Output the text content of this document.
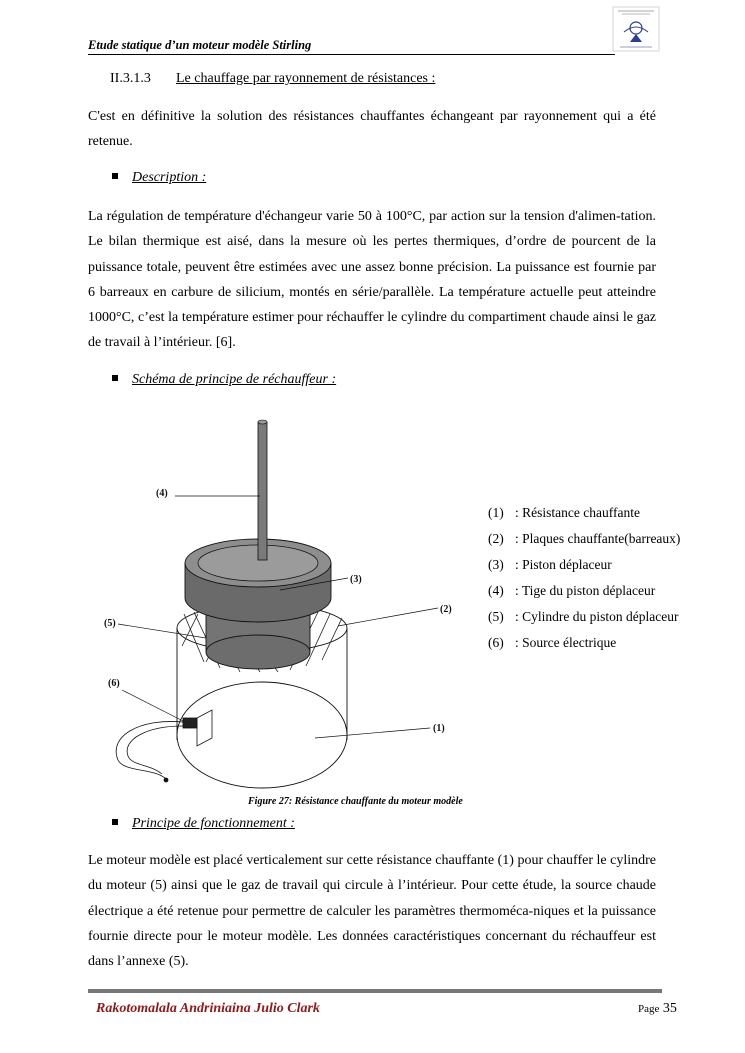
Etude statique d’un moteur modèle Stirling
II.3.1.3 Le chauffage par rayonnement de résistances :
C'est en définitive la solution des résistances chauffantes échangeant par rayonnement qui a été retenue.
Description :
La régulation de température d'échangeur varie 50 à 100°C, par action sur la tension d'alimen-tation. Le bilan thermique est aisé, dans la mesure où les pertes thermiques, d’ordre de pourcent de la puissance totale, peuvent être estimées avec une assez bonne précision. La puissance est fournie par 6 barreaux en carbure de silicium, montés en série/parallèle. La température actuelle peut atteindre 1000°C, c’est la température estimer pour réchauffer le cylindre du compartiment chaude ainsi le gaz de travail à l’intérieur. [6].
Schéma de principe de réchauffeur :
(4)
(3)
(2)
(5)
(6)
(1)
(1) : Résistance chauffante
(2) : Plaques chauffante(barreaux)
(3) : Piston déplaceur
(4) : Tige du piston déplaceur
(5) : Cylindre du piston déplaceur
(6) : Source électrique
Figure 27: Résistance chauffante du moteur modèle
Principe de fonctionnement :
Le moteur modèle est placé verticalement sur cette résistance chauffante (1) pour chauffer le cylindre du moteur (5) ainsi que le gaz de travail qui circule à l’intérieur. Pour cette étude, la source chaude électrique a été retenue pour permettre de calculer les paramètres thermoméca-niques et la puissance fournie directe pour le moteur modèle. Les données caractéristiques concernant du réchauffeur est dans l’annexe (5).
Rakotomalala Andriniaina Julio Clark	Page 35
